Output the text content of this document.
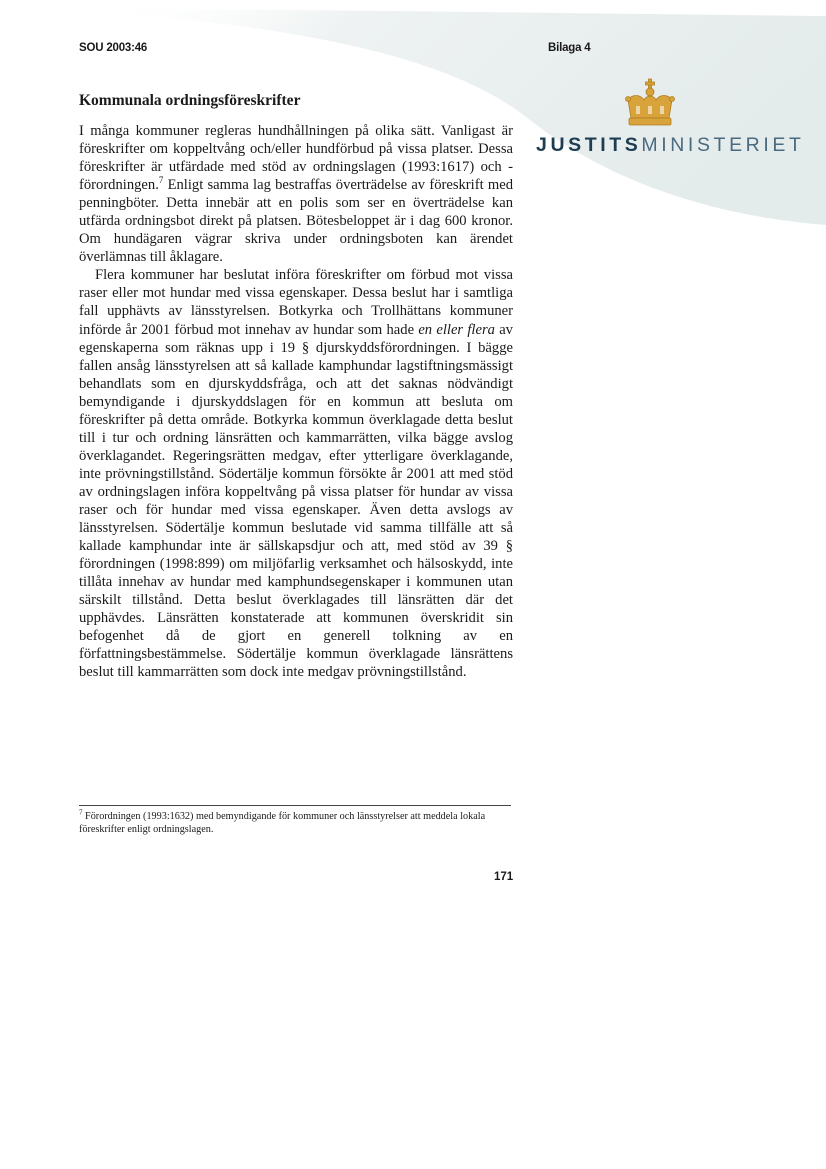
SOU 2003:46	Bilaga 4
JUSTITSMINISTERIET
Kommunala ordningsföreskrifter

I många kommuner regleras hundhållningen på olika sätt. Vanligast är föreskrifter om koppeltvång och/eller hundförbud på vissa platser. Dessa föreskrifter är utfärdade med stöd av ordningslagen (1993:1617) och -förordningen.$^7$ Enligt samma lag bestraffas överträdelse av föreskrift med penningböter. Detta innebär att en polis som ser en överträdelse kan utfärda ordningsbot direkt på platsen. Bötesbeloppet är i dag 600 kronor. Om hundägaren vägrar skriva under ordningsboten kan ärendet överlämnas till åklagare.

Flera kommuner har beslutat införa föreskrifter om förbud mot vissa raser eller mot hundar med vissa egenskaper. Dessa beslut har i samtliga fall upphävts av länsstyrelsen. Botkyrka och Trollhättans kommuner införde år 2001 förbud mot innehav av hundar som hade en eller flera av egenskaperna som räknas upp i 19 § djurskyddsförordningen. I bägge fallen ansåg länsstyrelsen att så kallade kamphundar lagstiftningsmässigt behandlats som en djurskyddsfråga, och att det saknas nödvändigt bemyndigande i djurskyddslagen för en kommun att besluta om föreskrifter på detta område. Botkyrka kommun överklagade detta beslut till i tur och ordning länsrätten och kammarrätten, vilka bägge avslog överklagandet. Regeringsrätten medgav, efter ytterligare överklagande, inte prövningstillstånd. Södertälje kommun försökte år 2001 att med stöd av ordningslagen införa koppeltvång på vissa platser för hundar av vissa raser och för hundar med vissa egenskaper. Även detta avslogs av länsstyrelsen. Södertälje kommun beslutade vid samma tillfälle att så kallade kamphundar inte är sällskapsdjur och att, med stöd av 39 § förordningen (1998:899) om miljöfarlig verksamhet och hälsoskydd, inte tillåta innehav av hundar med kamphundsegenskaper i kommunen utan särskilt tillstånd. Detta beslut överklagades till länsrätten där det upphävdes. Länsrätten konstaterade att kommunen överskridit sin befogenhet då de gjort en generell tolkning av en författningsbestämmelse. Södertälje kommun överklagade länsrättens beslut till kammarrätten som dock inte medgav prövningstillstånd.

$^7$ Förordningen (1993:1632) med bemyndigande för kommuner och länsstyrelser att meddela lokala föreskrifter enligt ordningslagen.

171
